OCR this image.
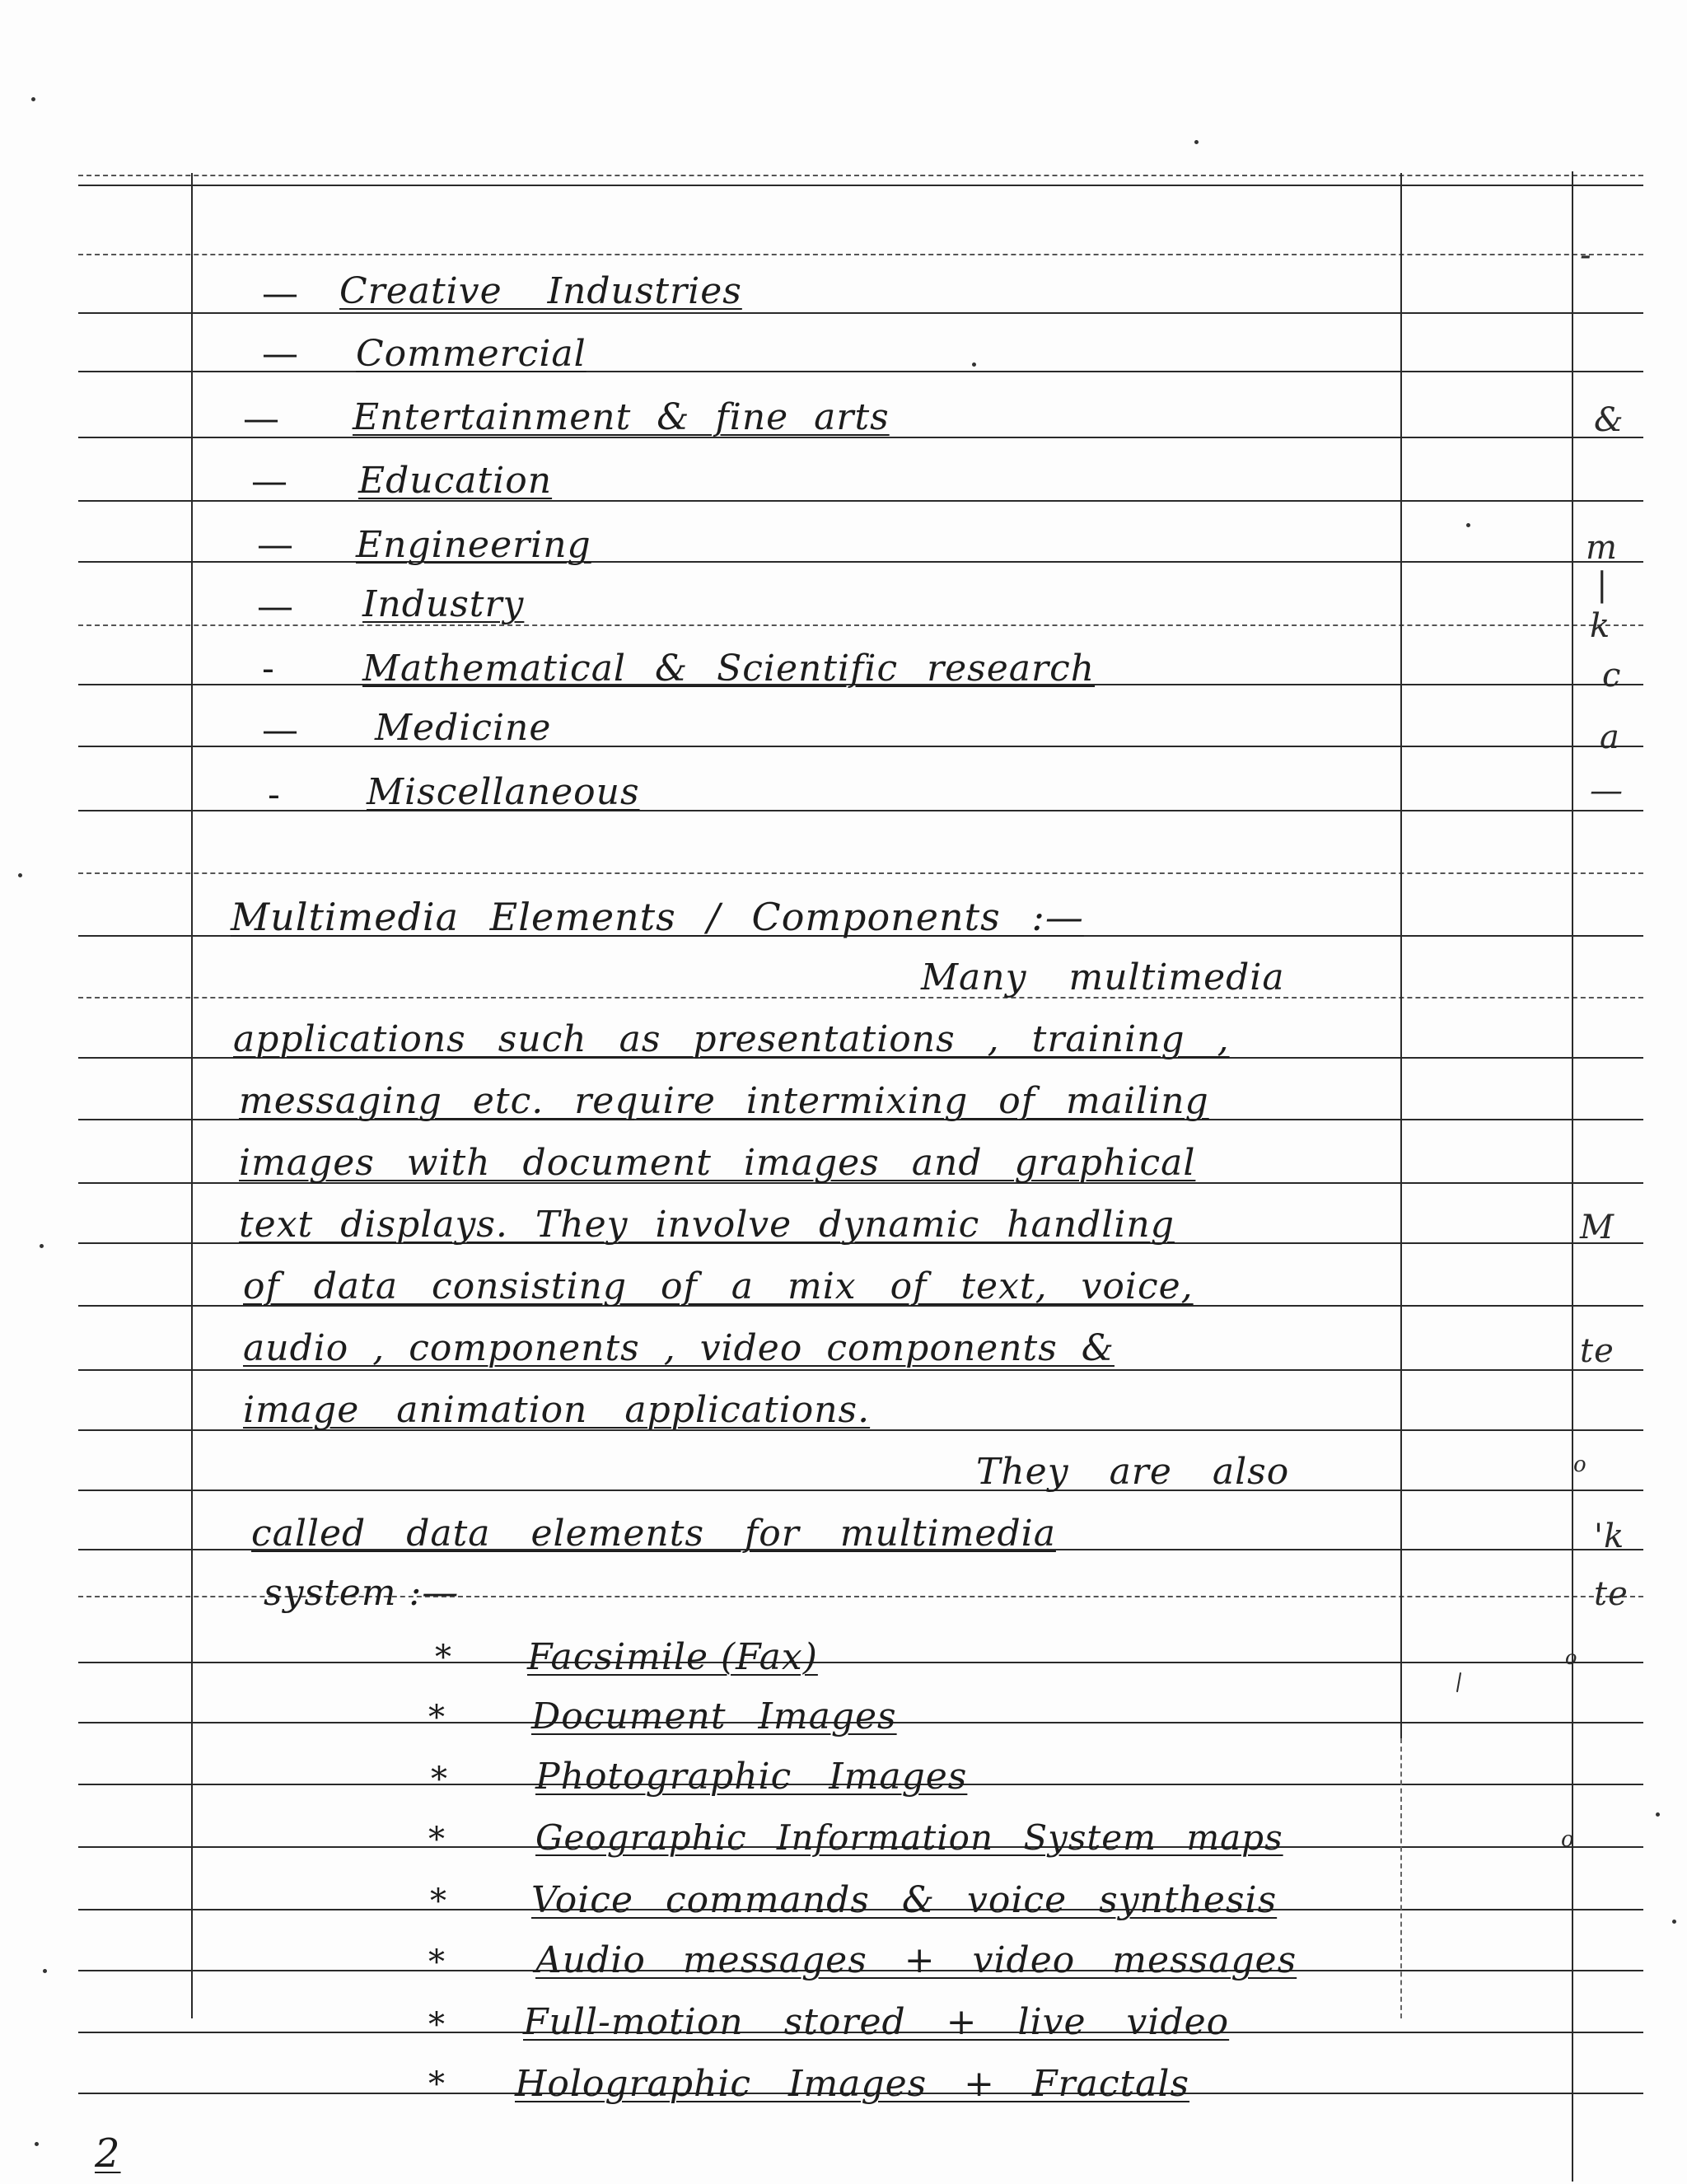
— Creative Industries
— Commercial
— Entertainment & fine arts
— Education
— Engineering
— Industry
- Mathematical & Scientific research
— Medicine
- Miscellaneous
Multimedia Elements / Components :—
Many multimedia
applications such as presentations , training ,
messaging etc. require intermixing of mailing
images with document images and graphical
text displays. They involve dynamic handling
of data consisting of a mix of text, voice,
audio , components , video components &
image animation applications.
They are also
called data elements for multimedia
system :—
* Facsimile (Fax)
* Document Images
* Photographic Images
*	Geographic Information System maps
* Voice commands & voice synthesis
* Audio messages + video messages
* Full-motion stored + live video
* Holographic Images + Fractals
-
&
m
|
k
c
a
—
M
te
o
'k
te
o
o
2
